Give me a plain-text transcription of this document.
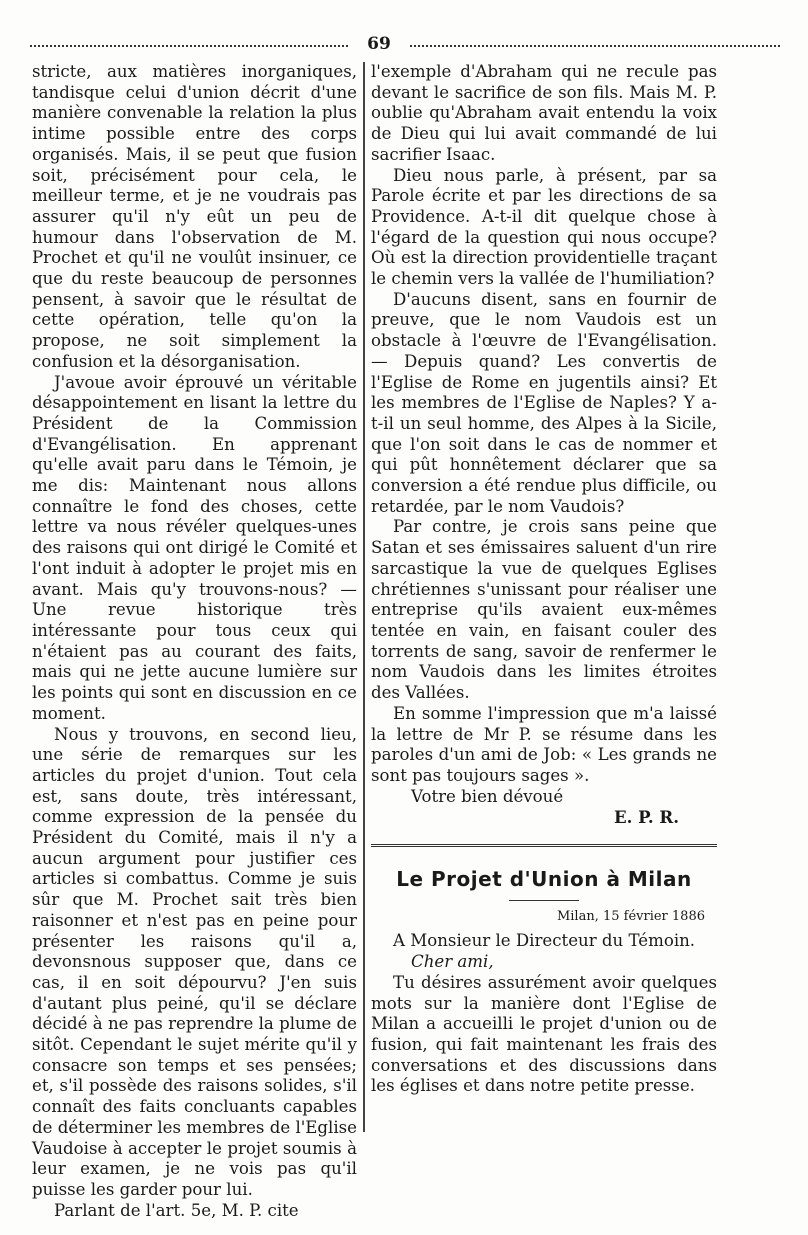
69

stricte, aux matières inorganiques, tandisque celui d'union décrit d'une manière convenable la relation la plus intime possible entre des corps organisés. Mais, il se peut que fusion soit, précisément pour cela, le meilleur terme, et je ne voudrais pas assurer qu'il n'y eût un peu de humour dans l'observation de M. Prochet et qu'il ne voulût insinuer, ce que du reste beaucoup de personnes pensent, à savoir que le résultat de cette opération, telle qu'on la propose, ne soit simplement la confusion et la désorganisation.

J'avoue avoir éprouvé un véritable désappointement en lisant la lettre du Président de la Commission d'Evangélisation. En apprenant qu'elle avait paru dans le Témoin, je me dis: Maintenant nous allons connaître le fond des choses, cette lettre va nous révéler quelques-unes des raisons qui ont dirigé le Comité et l'ont induit à adopter le projet mis en avant. Mais qu'y trouvons-nous? — Une revue historique très intéressante pour tous ceux qui n'étaient pas au courant des faits, mais qui ne jette aucune lumière sur les points qui sont en discussion en ce moment.

Nous y trouvons, en second lieu, une série de remarques sur les articles du projet d'union. Tout cela est, sans doute, très intéressant, comme expression de la pensée du Président du Comité, mais il n'y a aucun argument pour justifier ces articles si combattus. Comme je suis sûr que M. Prochet sait très bien raisonner et n'est pas en peine pour présenter les raisons qu'il a, devonsnous supposer que, dans ce cas, il en soit dépourvu? J'en suis d'autant plus peiné, qu'il se déclare décidé à ne pas reprendre la plume de sitôt. Cependant le sujet mérite qu'il y consacre son temps et ses pensées; et, s'il possède des raisons solides, s'il connaît des faits concluants capables de déterminer les membres de l'Eglise Vaudoise à accepter le projet soumis à leur examen, je ne vois pas qu'il puisse les garder pour lui.

Parlant de l'art. 5e, M. P. cite

l'exemple d'Abraham qui ne recule pas devant le sacrifice de son fils. Mais M. P. oublie qu'Abraham avait entendu la voix de Dieu qui lui avait commandé de lui sacrifier Isaac.

Dieu nous parle, à présent, par sa Parole écrite et par les directions de sa Providence. A-t-il dit quelque chose à l'égard de la question qui nous occupe? Où est la direction providentielle traçant le chemin vers la vallée de l'humiliation?

D'aucuns disent, sans en fournir de preuve, que le nom Vaudois est un obstacle à l'œuvre de l'Evangélisation. — Depuis quand? Les convertis de l'Eglise de Rome en jugentils ainsi? Et les membres de l'Eglise de Naples? Y a-t-il un seul homme, des Alpes à la Sicile, que l'on soit dans le cas de nommer et qui pût honnêtement déclarer que sa conversion a été rendue plus difficile, ou retardée, par le nom Vaudois?

Par contre, je crois sans peine que Satan et ses émissaires saluent d'un rire sarcastique la vue de quelques Eglises chrétiennes s'unissant pour réaliser une entreprise qu'ils avaient eux-mêmes tentée en vain, en faisant couler des torrents de sang, savoir de renfermer le nom Vaudois dans les limites étroites des Vallées.

En somme l'impression que m'a laissé la lettre de Mr P. se résume dans les paroles d'un ami de Job: « Les grands ne sont pas toujours sages ».

Votre bien dévoué

E. P. R.

Le Projet d'Union à Milan
Milan, 15 février 1886

A Monsieur le Directeur du Témoin.

Cher ami,

Tu désires assurément avoir quelques mots sur la manière dont l'Eglise de Milan a accueilli le projet d'union ou de fusion, qui fait maintenant les frais des conversations et des discussions dans les églises et dans notre petite presse.
